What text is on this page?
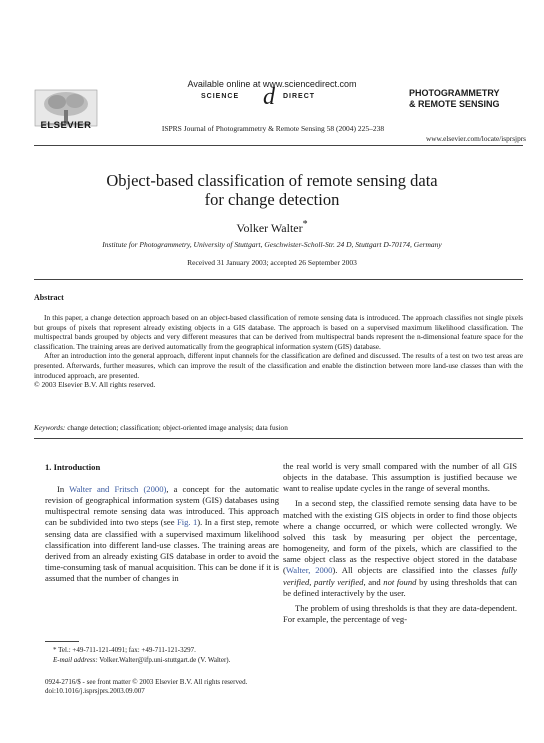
ELSEVIER
Available online at www.sciencedirect.com
SCIENCE d DIRECT	PHOTOGRAMMETRY
& REMOTE SENSING
ISPRS Journal of Photogrammetry & Remote Sensing 58 (2004) 225–238
www.elsevier.com/locate/isprsjprs
Object-based classification of remote sensing data
for change detection
Volker Walter*
Institute for Photogrammetry, University of Stuttgart, Geschwister-Scholl-Str. 24 D, Stuttgart D-70174, Germany
Received 31 January 2003; accepted 26 September 2003
Abstract

In this paper, a change detection approach based on an object-based classification of remote sensing data is introduced. The approach classifies not single pixels but groups of pixels that represent already existing objects in a GIS database. The approach is based on a supervised maximum likelihood classification. The multispectral bands grouped by objects and very different measures that can be derived from multispectral bands represent the n-dimensional feature space for the classification. The training areas are derived automatically from the geographical information system (GIS) database.

After an introduction into the general approach, different input channels for the classification are defined and discussed. The results of a test on two test areas are presented. Afterwards, further measures, which can improve the result of the classification and enable the distinction between more land-use classes than with the introduced approach, are presented.

© 2003 Elsevier B.V. All rights reserved.

Keywords: change detection; classification; object-oriented image analysis; data fusion
1. Introduction

In Walter and Fritsch (2000), a concept for the automatic revision of geographical information system (GIS) databases using multispectral remote sensing data was introduced. This approach can be subdivided into two steps (see Fig. 1). In a first step, remote sensing data are classified with a supervised maximum likelihood classification into different land-use classes. The training areas are derived from an already existing GIS database in order to avoid the time-consuming task of manual acquisition. This can be done if it is assumed that the number of changes in

the real world is very small compared with the number of all GIS objects in the database. This assumption is justified because we want to realise update cycles in the range of several months.

In a second step, the classified remote sensing data have to be matched with the existing GIS objects in order to find those objects where a change occurred, or which were collected wrongly. We solved this task by measuring per object the percentage, homogeneity, and form of the pixels, which are classified to the same object class as the respective object stored in the database (Walter, 2000). All objects are classified into the classes fully verified, partly verified, and not found by using thresholds that can be defined interactively by the user.

The problem of using thresholds is that they are data-dependent. For example, the percentage of veg-

* Tel.: +49-711-121-4091; fax: +49-711-121-3297.
E-mail address: Volker.Walter@ifp.uni-stuttgart.de (V. Walter).
0924-2716/$ - see front matter © 2003 Elsevier B.V. All rights reserved.
doi:10.1016/j.isprsjprs.2003.09.007
